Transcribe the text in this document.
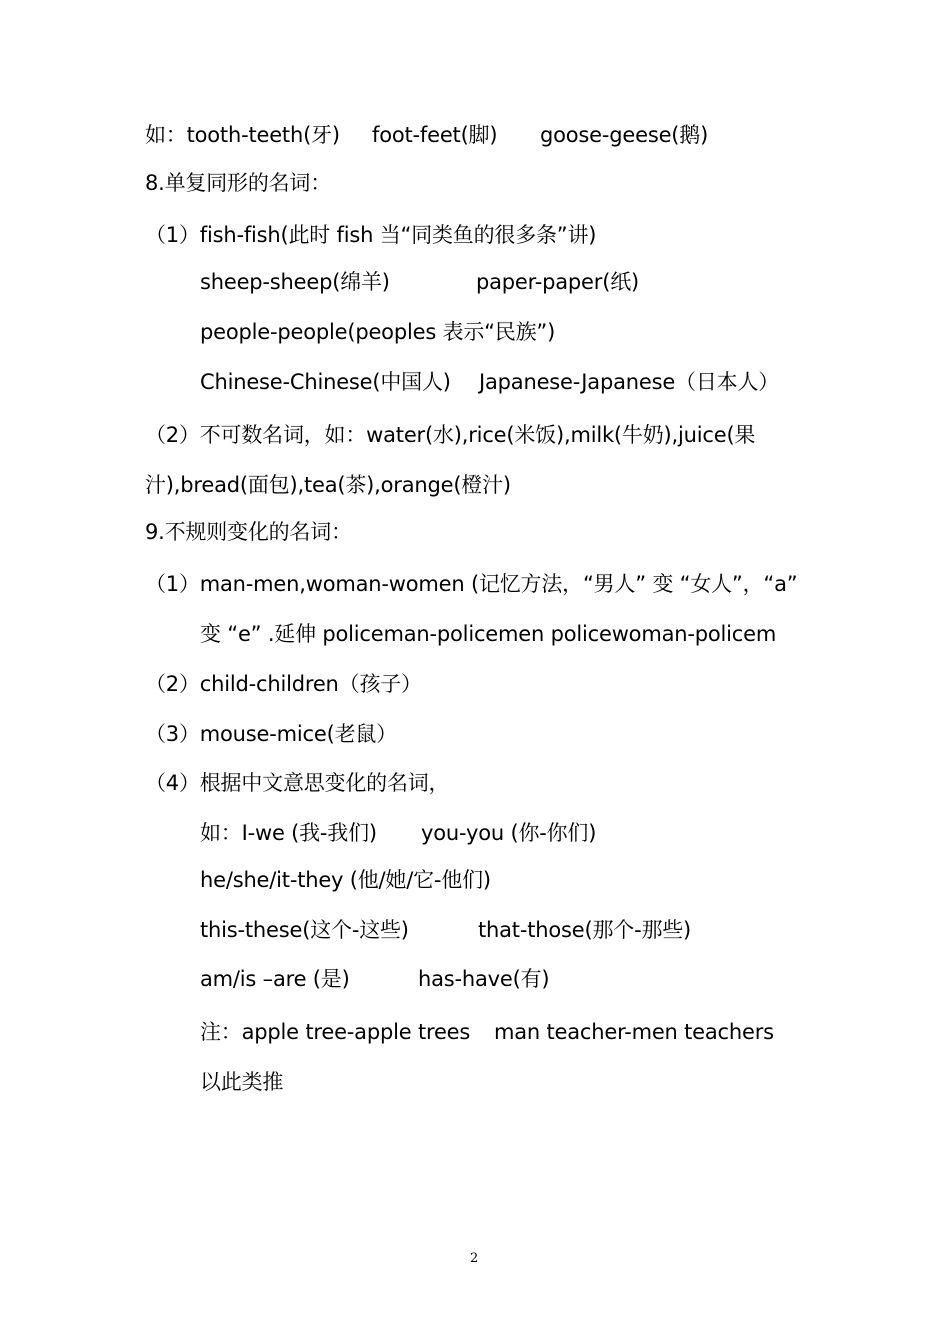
如：tooth-teeth(牙) foot-feet(脚) goose-geese(鹅)
8.单复同形的名词：
（1）fish-fish(此时 fish 当“同类鱼的很多条”讲)
sheep-sheep(绵羊)	paper-paper(纸)
people-people(peoples 表示“民族”)
Chinese-Chinese(中国人) Japanese-Japanese（日本人）
（2）不可数名词，如：water(水),rice(米饭),milk(牛奶),juice(果
汁),bread(面包),tea(茶),orange(橙汁)
9.不规则变化的名词：
（1）man-men,woman-women (记忆方法，“男人” 变 “女人”，“a”
变 “e” .延伸 policeman-policemen policewoman-policem
（2）child-children（孩子）
（3）mouse-mice(老鼠）
（4）根据中文意思变化的名词，
如：I-we (我-我们) you-you (你-你们)
he/she/it-they (他/她/它-他们)
this-these(这个-这些)	that-those(那个-那些)
am/is –are (是)	has-have(有)
注：apple tree-apple trees man teacher-men teachers
以此类推
2
